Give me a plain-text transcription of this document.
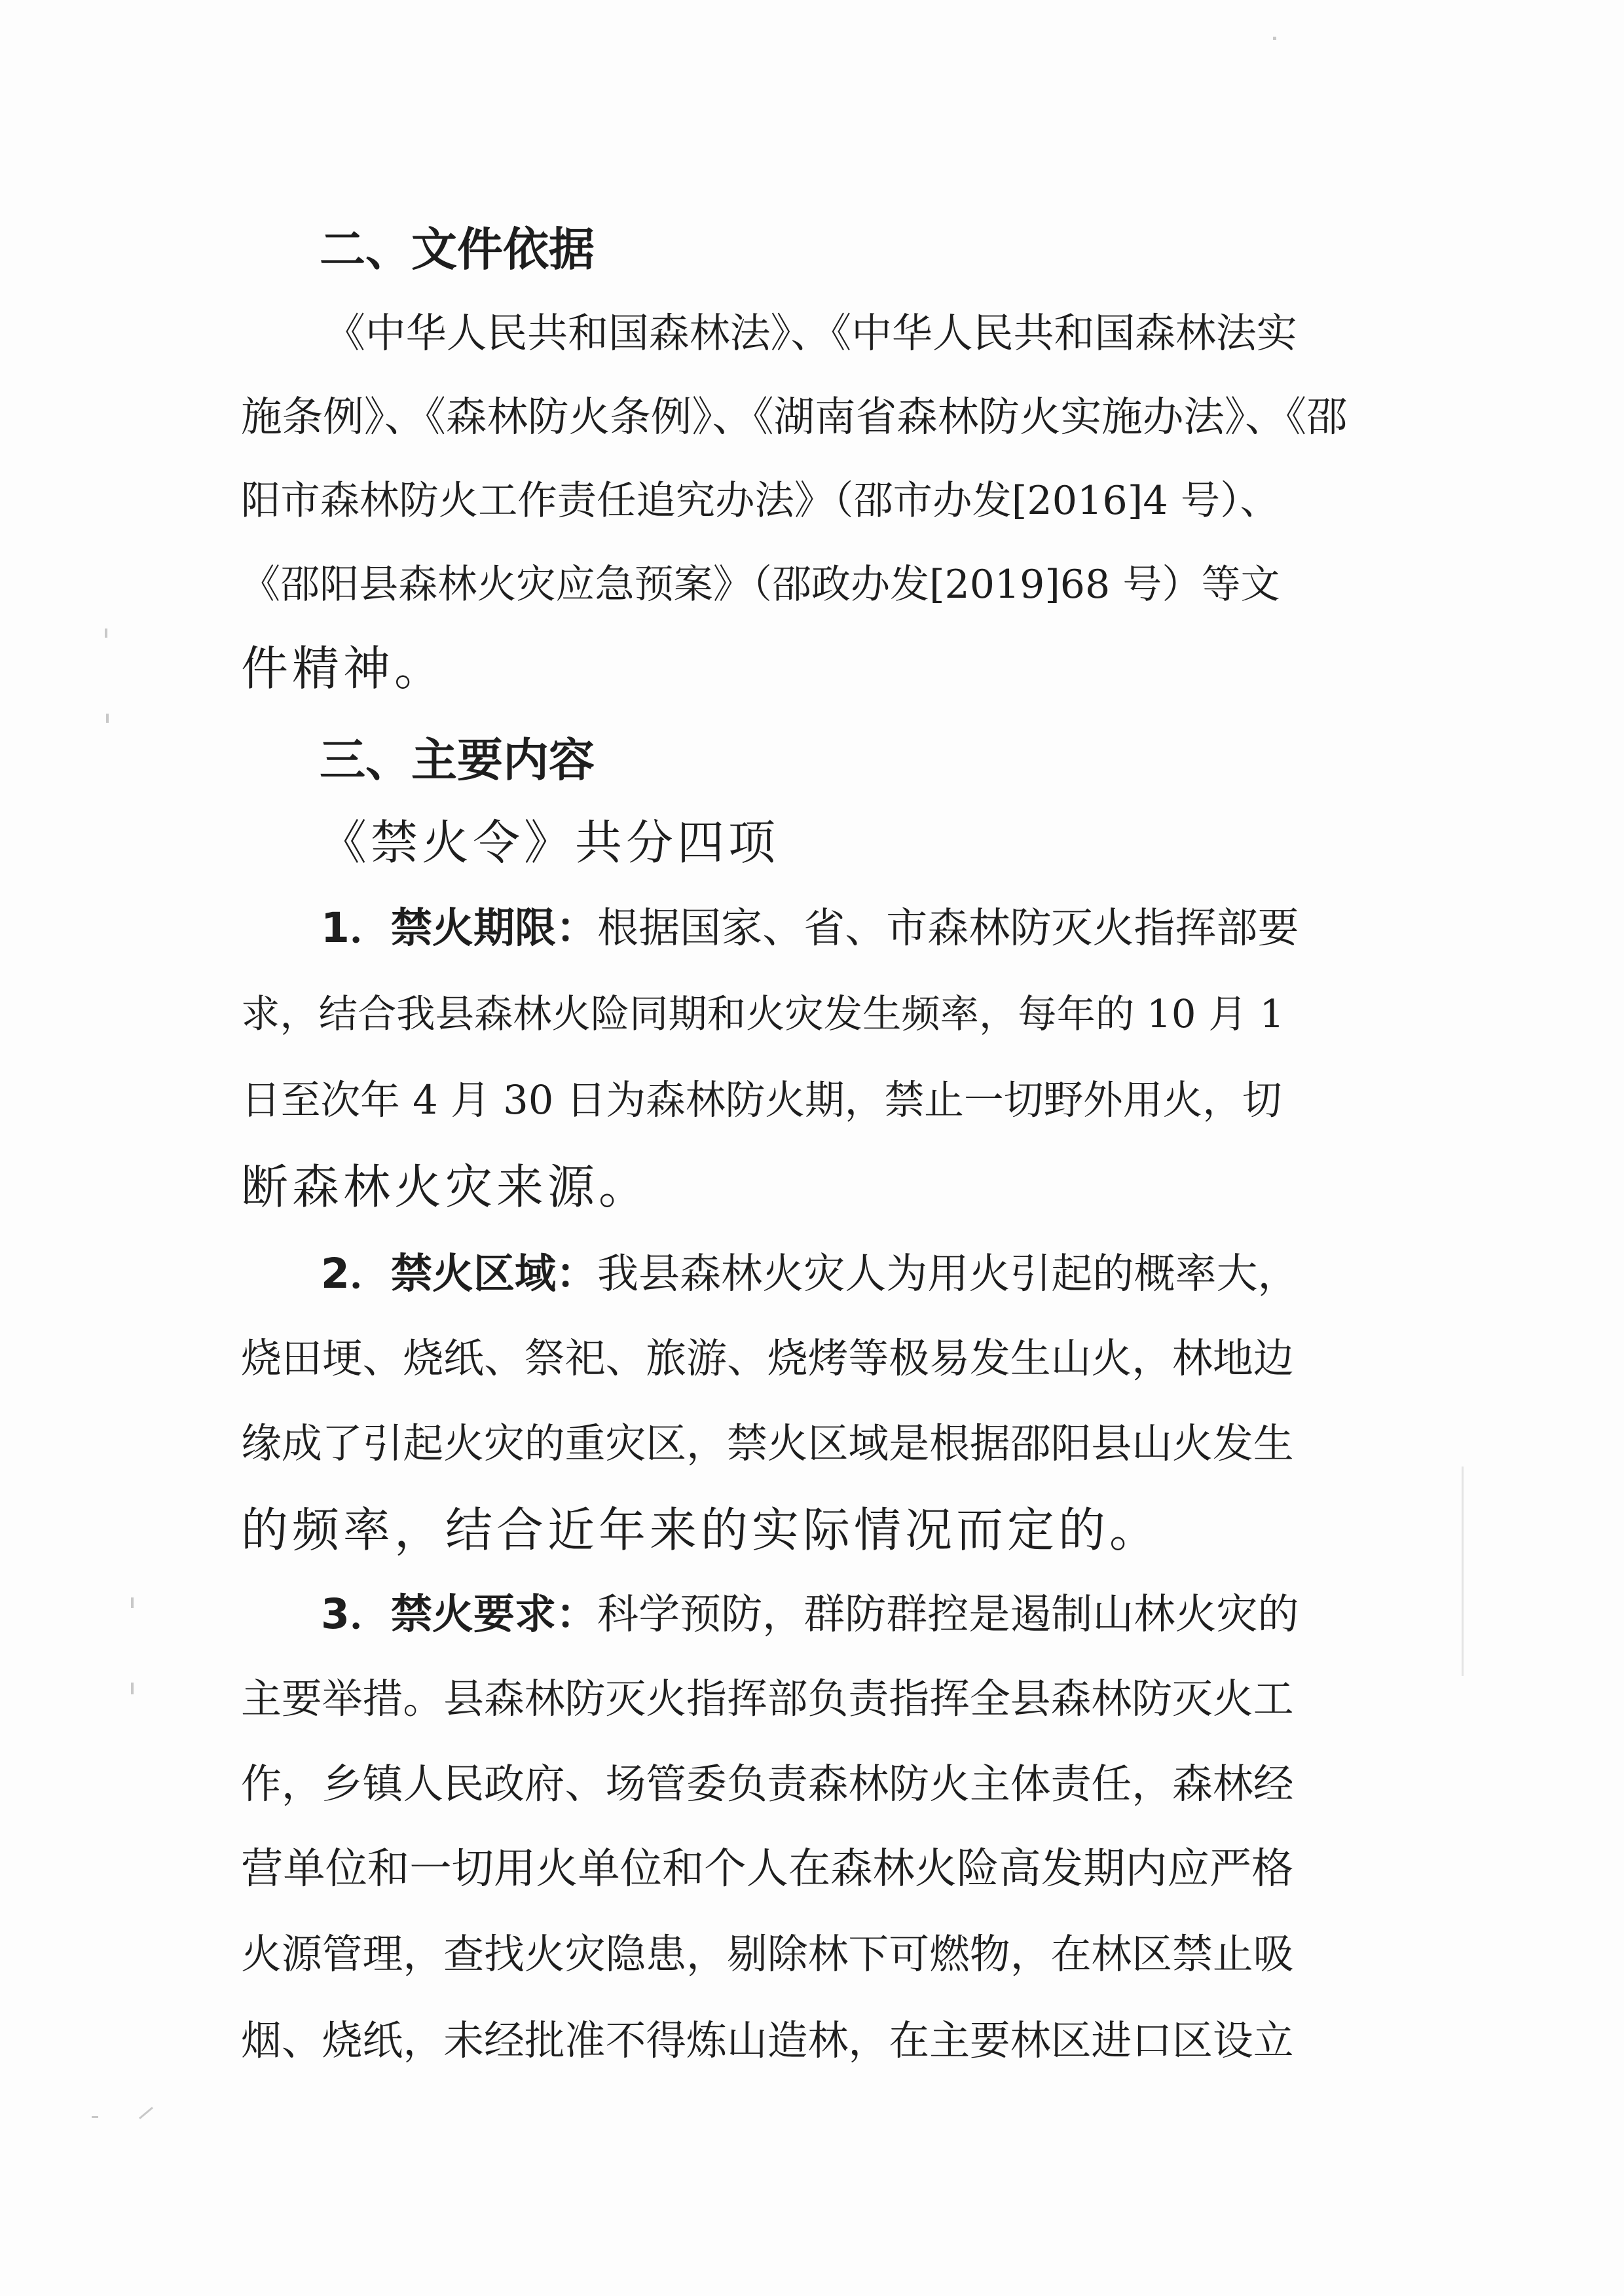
二、文件依据

《中华人民共和国森林法》、《中华人民共和国森林法实

施条例》、《森林防火条例》、《湖南省森林防火实施办法》、《邵

阳市森林防火工作责任追究办法》（邵市办发[2016]4 号）、

《邵阳县森林火灾应急预案》（邵政办发[2019]68 号）等文

件精神。

三、主要内容

《禁火令》共分四项

1．禁火期限：根据国家、省、市森林防灭火指挥部要

求，结合我县森林火险同期和火灾发生频率，每年的 10 月 1

日至次年 4 月 30 日为森林防火期，禁止一切野外用火，切

断森林火灾来源。

2．禁火区域：我县森林火灾人为用火引起的概率大，

烧田埂、烧纸、祭祀、旅游、烧烤等极易发生山火，林地边

缘成了引起火灾的重灾区，禁火区域是根据邵阳县山火发生

的频率，结合近年来的实际情况而定的。

3．禁火要求：科学预防，群防群控是遏制山林火灾的

主要举措。县森林防灭火指挥部负责指挥全县森林防灭火工

作，乡镇人民政府、场管委负责森林防火主体责任，森林经

营单位和一切用火单位和个人在森林火险高发期内应严格

火源管理，查找火灾隐患，剔除林下可燃物，在林区禁止吸

烟、烧纸，未经批准不得炼山造林，在主要林区进口区设立
